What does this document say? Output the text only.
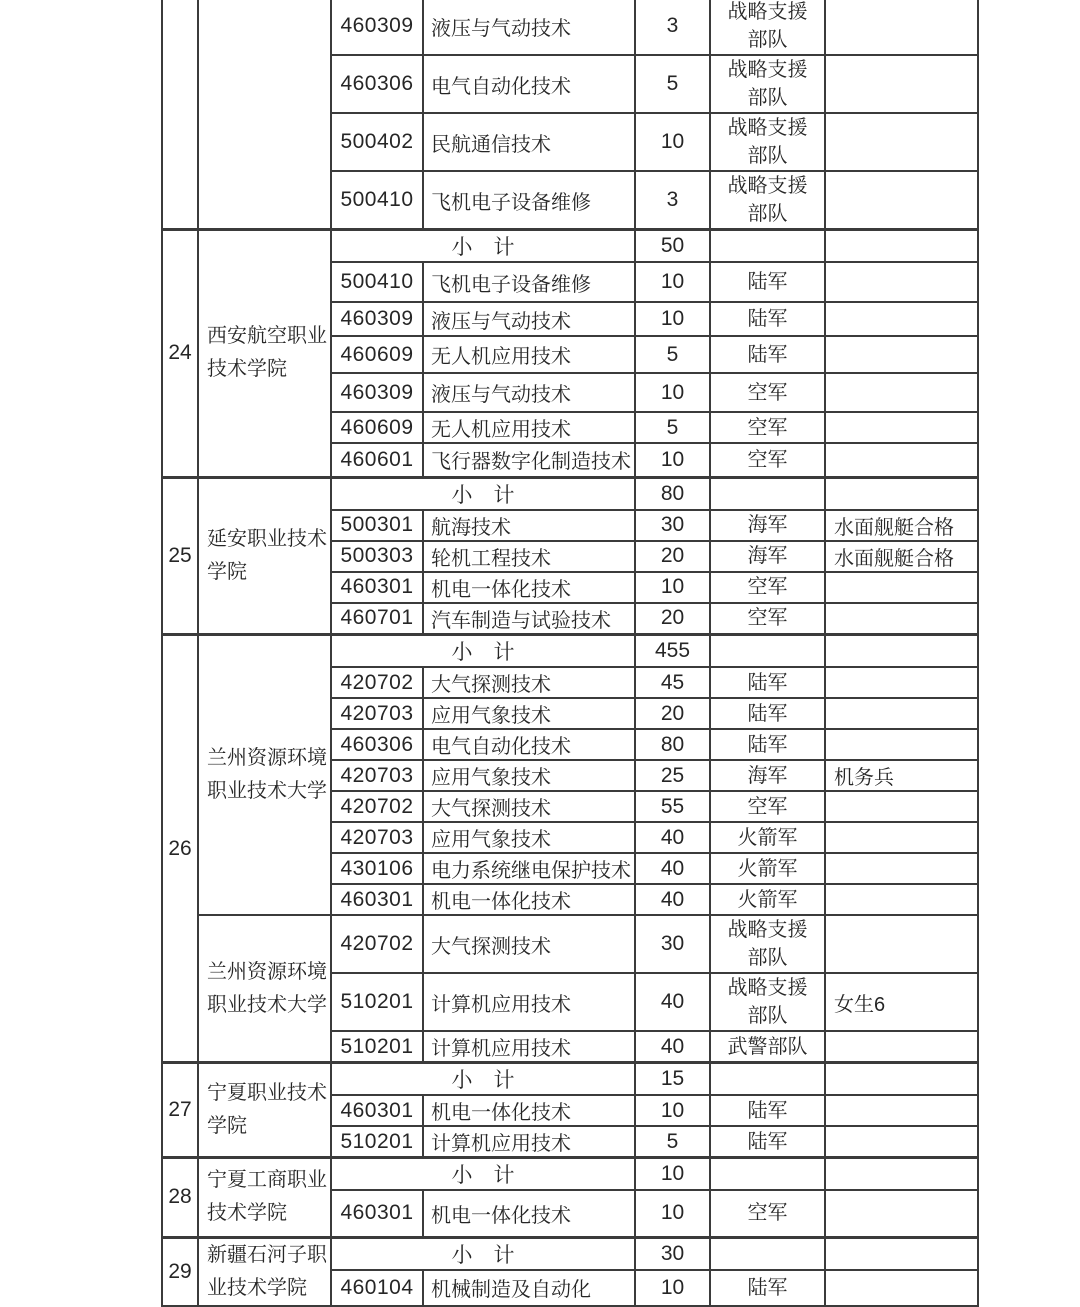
		460309	液压与气动技术	3	战略支援部队	
		460306	电气自动化技术	5	战略支援部队	
		500402	民航通信技术	10	战略支援部队	
		500410	飞机电子设备维修	3	战略支援部队	
24	西安航空职业技术学院	小　计		50		
		500410	飞机电子设备维修	10	陆军	
		460309	液压与气动技术	10	陆军	
		460609	无人机应用技术	5	陆军	
		460309	液压与气动技术	10	空军	
		460609	无人机应用技术	5	空军	
		460601	飞行器数字化制造技术	10	空军	
25	延安职业技术学院	小　计		80		
		500301	航海技术	30	海军	水面舰艇合格
		500303	轮机工程技术	20	海军	水面舰艇合格
		460301	机电一体化技术	10	空军	
		460701	汽车制造与试验技术	20	空军	
26	兰州资源环境职业技术大学	小　计		455		
		420702	大气探测技术	45	陆军	
		420703	应用气象技术	20	陆军	
		460306	电气自动化技术	80	陆军	
		420703	应用气象技术	25	海军	机务兵
		420702	大气探测技术	55	空军	
		420703	应用气象技术	40	火箭军	
		430106	电力系统继电保护技术	40	火箭军	
		460301	机电一体化技术	40	火箭军	
	兰州资源环境职业技术大学	420702	大气探测技术	30	战略支援部队	
		510201	计算机应用技术	40	战略支援部队	女生6
		510201	计算机应用技术	40	武警部队	
27	宁夏职业技术学院	小　计		15		
		460301	机电一体化技术	10	陆军	
		510201	计算机应用技术	5	陆军	
28	宁夏工商职业技术学院	小　计		10		
		460301	机电一体化技术	10	空军	
29	新疆石河子职业技术学院	小　计		30		
		460104	机械制造及自动化	10	陆军	
